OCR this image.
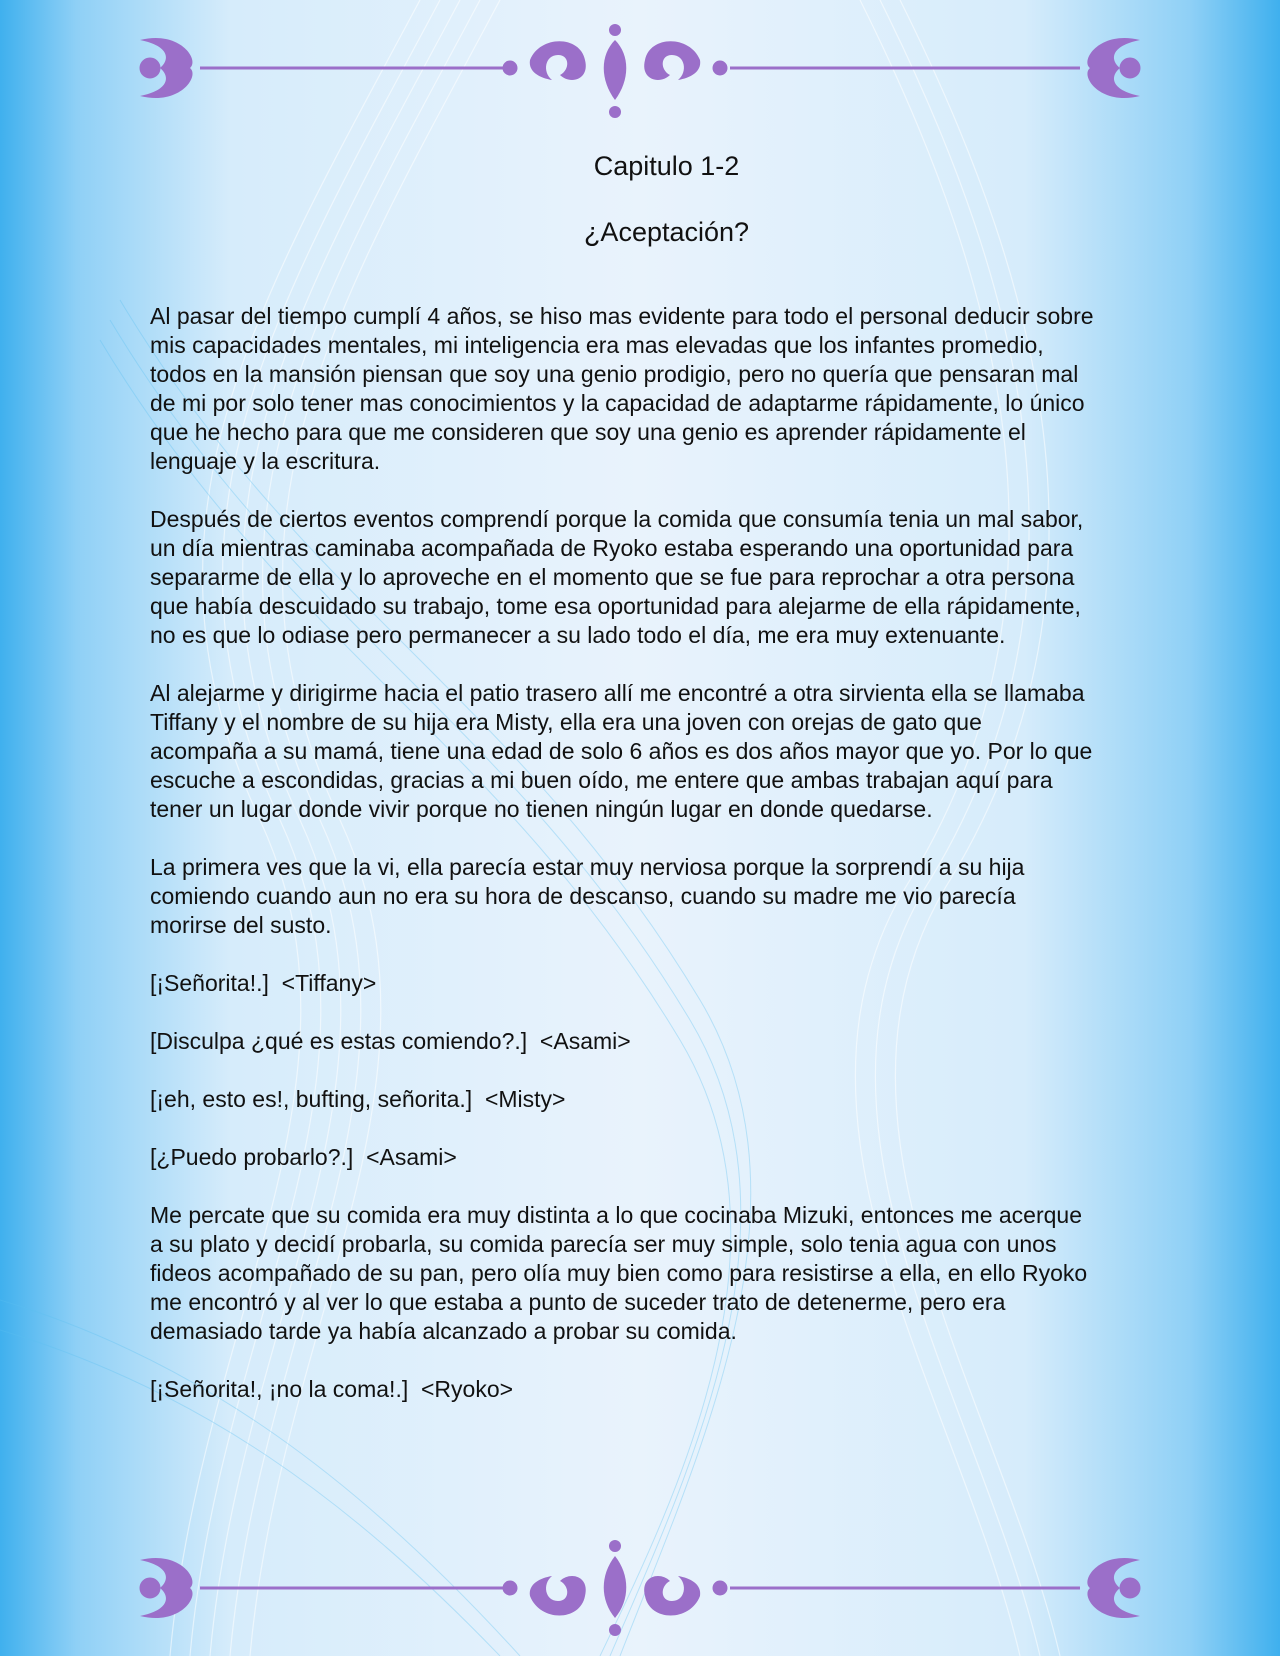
Capitulo 1-2
¿Aceptación?

Al pasar del tiempo cumplí 4 años, se hiso mas evidente para todo el personal deducir sobre mis capacidades mentales, mi inteligencia era mas elevadas que los infantes promedio, todos en la mansión piensan que soy una genio prodigio, pero no quería que pensaran mal de mi por solo tener mas conocimientos y la capacidad de adaptarme rápidamente, lo único que he hecho para que me consideren que soy una genio es aprender rápidamente el lenguaje y la escritura.

Después de ciertos eventos comprendí porque la comida que consumía tenia un mal sabor, un día mientras caminaba acompañada de Ryoko estaba esperando una oportunidad para separarme de ella y lo aproveche en el momento que se fue para reprochar a otra persona que había descuidado su trabajo, tome esa oportunidad para alejarme de ella rápidamente, no es que lo odiase pero permanecer a su lado todo el día, me era muy extenuante.

Al alejarme y dirigirme hacia el patio trasero allí me encontré a otra sirvienta ella se llamaba Tiffany y el nombre de su hija era Misty, ella era una joven con orejas de gato que acompaña a su mamá, tiene una edad de solo 6 años es dos años mayor que yo. Por lo que escuche a escondidas, gracias a mi buen oído, me entere que ambas trabajan aquí para tener un lugar donde vivir porque no tienen ningún lugar en donde quedarse.

La primera ves que la vi, ella parecía estar muy nerviosa porque la sorprendí a su hija comiendo cuando aun no era su hora de descanso, cuando su madre me vio parecía morirse del susto.

[¡Señorita!.]  <Tiffany>

[Disculpa ¿qué es estas comiendo?.]  <Asami>

[¡eh, esto es!, bufting, señorita.]  <Misty>

[¿Puedo probarlo?.]  <Asami>

Me percate que su comida era muy distinta a lo que cocinaba Mizuki, entonces me acerque a su plato y decidí probarla, su comida parecía ser muy simple, solo tenia agua con unos fideos acompañado de su pan, pero olía muy bien como para resistirse a ella, en ello Ryoko me encontró y al ver lo que estaba a punto de suceder trato de detenerme, pero era demasiado tarde ya había alcanzado a probar su comida.

[¡Señorita!, ¡no la coma!.]  <Ryoko>
